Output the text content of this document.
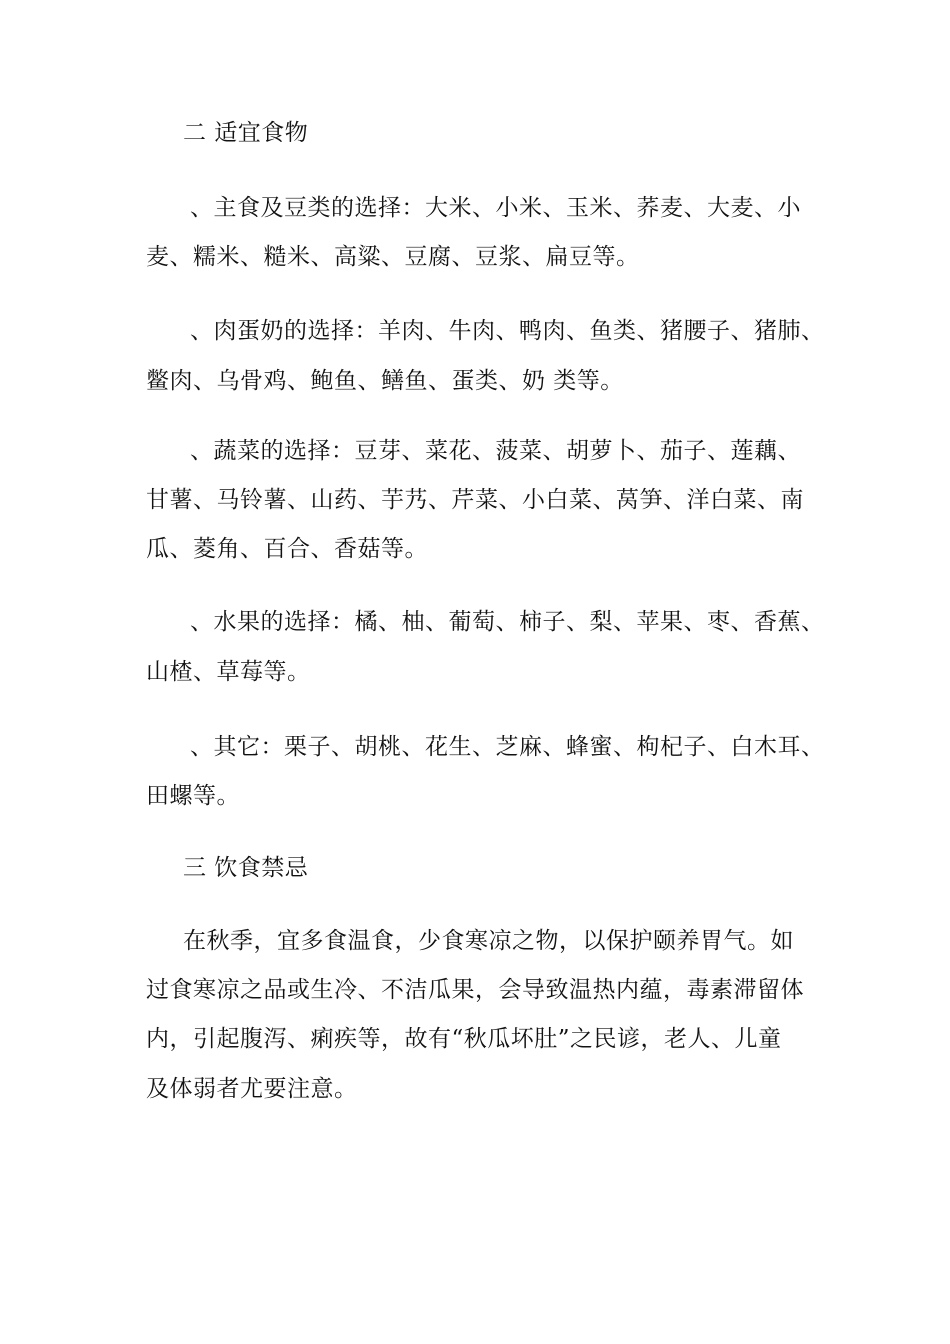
二 适宜食物
、主食及豆类的选择：大米、小米、玉米、荞麦、大麦、小
麦、糯米、糙米、高粱、豆腐、豆浆、扁豆等。
、肉蛋奶的选择：羊肉、牛肉、鸭肉、鱼类、猪腰子、猪肺、
鳖肉、乌骨鸡、鲍鱼、鳝鱼、蛋类、奶 类等。
、蔬菜的选择：豆芽、菜花、菠菜、胡萝卜、茄子、莲藕、
甘薯、马铃薯、山药、芋艿、芹菜、小白菜、莴笋、洋白菜、南
瓜、菱角、百合、香菇等。
、水果的选择：橘、柚、葡萄、柿子、梨、苹果、枣、香蕉、
山楂、草莓等。
、其它：栗子、胡桃、花生、芝麻、蜂蜜、枸杞子、白木耳、
田螺等。
三 饮食禁忌
在秋季，宜多食温食，少食寒凉之物，以保护颐养胃气。如
过食寒凉之品或生冷、不洁瓜果，会导致温热内蕴，毒素滞留体
内，引起腹泻、痢疾等，故有“秋瓜坏肚”之民谚，老人、儿童
及体弱者尤要注意。
